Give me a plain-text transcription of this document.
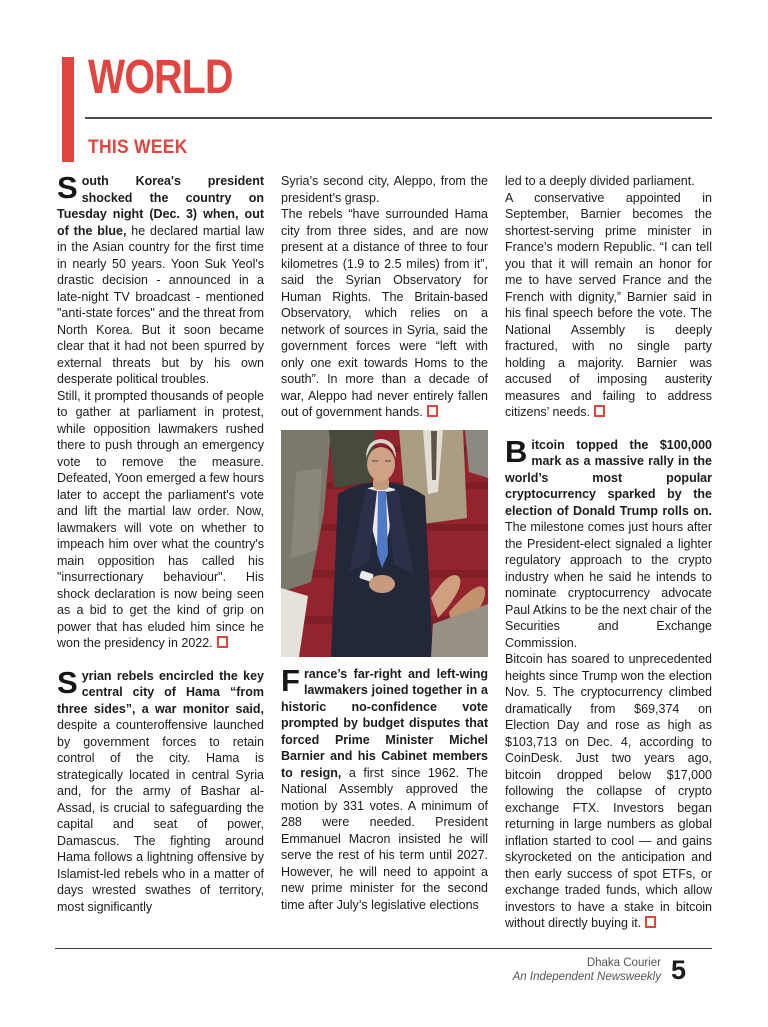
WORLD
THIS WEEK

South Korea's president shocked the country on Tuesday night (Dec. 3) when, out of the blue, he declared martial law in the Asian country for the first time in nearly 50 years. Yoon Suk Yeol's drastic decision - announced in a late-night TV broadcast - mentioned "anti-state forces" and the threat from North Korea. But it soon became clear that it had not been spurred by external threats but by his own desperate political troubles.

Still, it prompted thousands of people to gather at parliament in protest, while opposition lawmakers rushed there to push through an emergency vote to remove the measure. Defeated, Yoon emerged a few hours later to accept the parliament's vote and lift the martial law order. Now, lawmakers will vote on whether to impeach him over what the country's main opposition has called his "insurrectionary behaviour". His shock declaration is now being seen as a bid to get the kind of grip on power that has eluded him since he won the presidency in 2022.

Syrian rebels encircled the key central city of Hama “from three sides”, a war monitor said, despite a counteroffensive launched by government forces to retain control of the city. Hama is strategically located in central Syria and, for the army of Bashar al-Assad, is crucial to safeguarding the capital and seat of power, Damascus. The fighting around Hama follows a lightning offensive by Islamist-led rebels who in a matter of days wrested swathes of territory, most significantly

Syria’s second city, Aleppo, from the president’s grasp.

The rebels “have surrounded Hama city from three sides, and are now present at a distance of three to four kilometres (1.9 to 2.5 miles) from it”, said the Syrian Observatory for Human Rights. The Britain-based Observatory, which relies on a network of sources in Syria, said the government forces were “left with only one exit towards Homs to the south”. In more than a decade of war, Aleppo had never entirely fallen out of government hands.

France’s far-right and left-wing lawmakers joined together in a historic no-confidence vote prompted by budget disputes that forced Prime Minister Michel Barnier and his Cabinet members to resign, a first since 1962. The National Assembly approved the motion by 331 votes. A minimum of 288 were needed. President Emmanuel Macron insisted he will serve the rest of his term until 2027. However, he will need to appoint a new prime minister for the second time after July’s legislative elections

led to a deeply divided parliament.

A conservative appointed in September, Barnier becomes the shortest-serving prime minister in France’s modern Republic. “I can tell you that it will remain an honor for me to have served France and the French with dignity,” Barnier said in his final speech before the vote. The National Assembly is deeply fractured, with no single party holding a majority. Barnier was accused of imposing austerity measures and failing to address citizens’ needs.

Bitcoin topped the $100,000 mark as a massive rally in the world’s most popular cryptocurrency sparked by the election of Donald Trump rolls on. The milestone comes just hours after the President-elect signaled a lighter regulatory approach to the crypto industry when he said he intends to nominate cryptocurrency advocate Paul Atkins to be the next chair of the Securities and Exchange Commission.

Bitcoin has soared to unprecedented heights since Trump won the election Nov. 5. The cryptocurrency climbed dramatically from $69,374 on Election Day and rose as high as $103,713 on Dec. 4, according to CoinDesk. Just two years ago, bitcoin dropped below $17,000 following the collapse of crypto exchange FTX. Investors began returning in large numbers as global inflation started to cool — and gains skyrocketed on the anticipation and then early success of spot ETFs, or exchange traded funds, which allow investors to have a stake in bitcoin without directly buying it.

Dhaka Courier
An Independent Newsweekly 5
